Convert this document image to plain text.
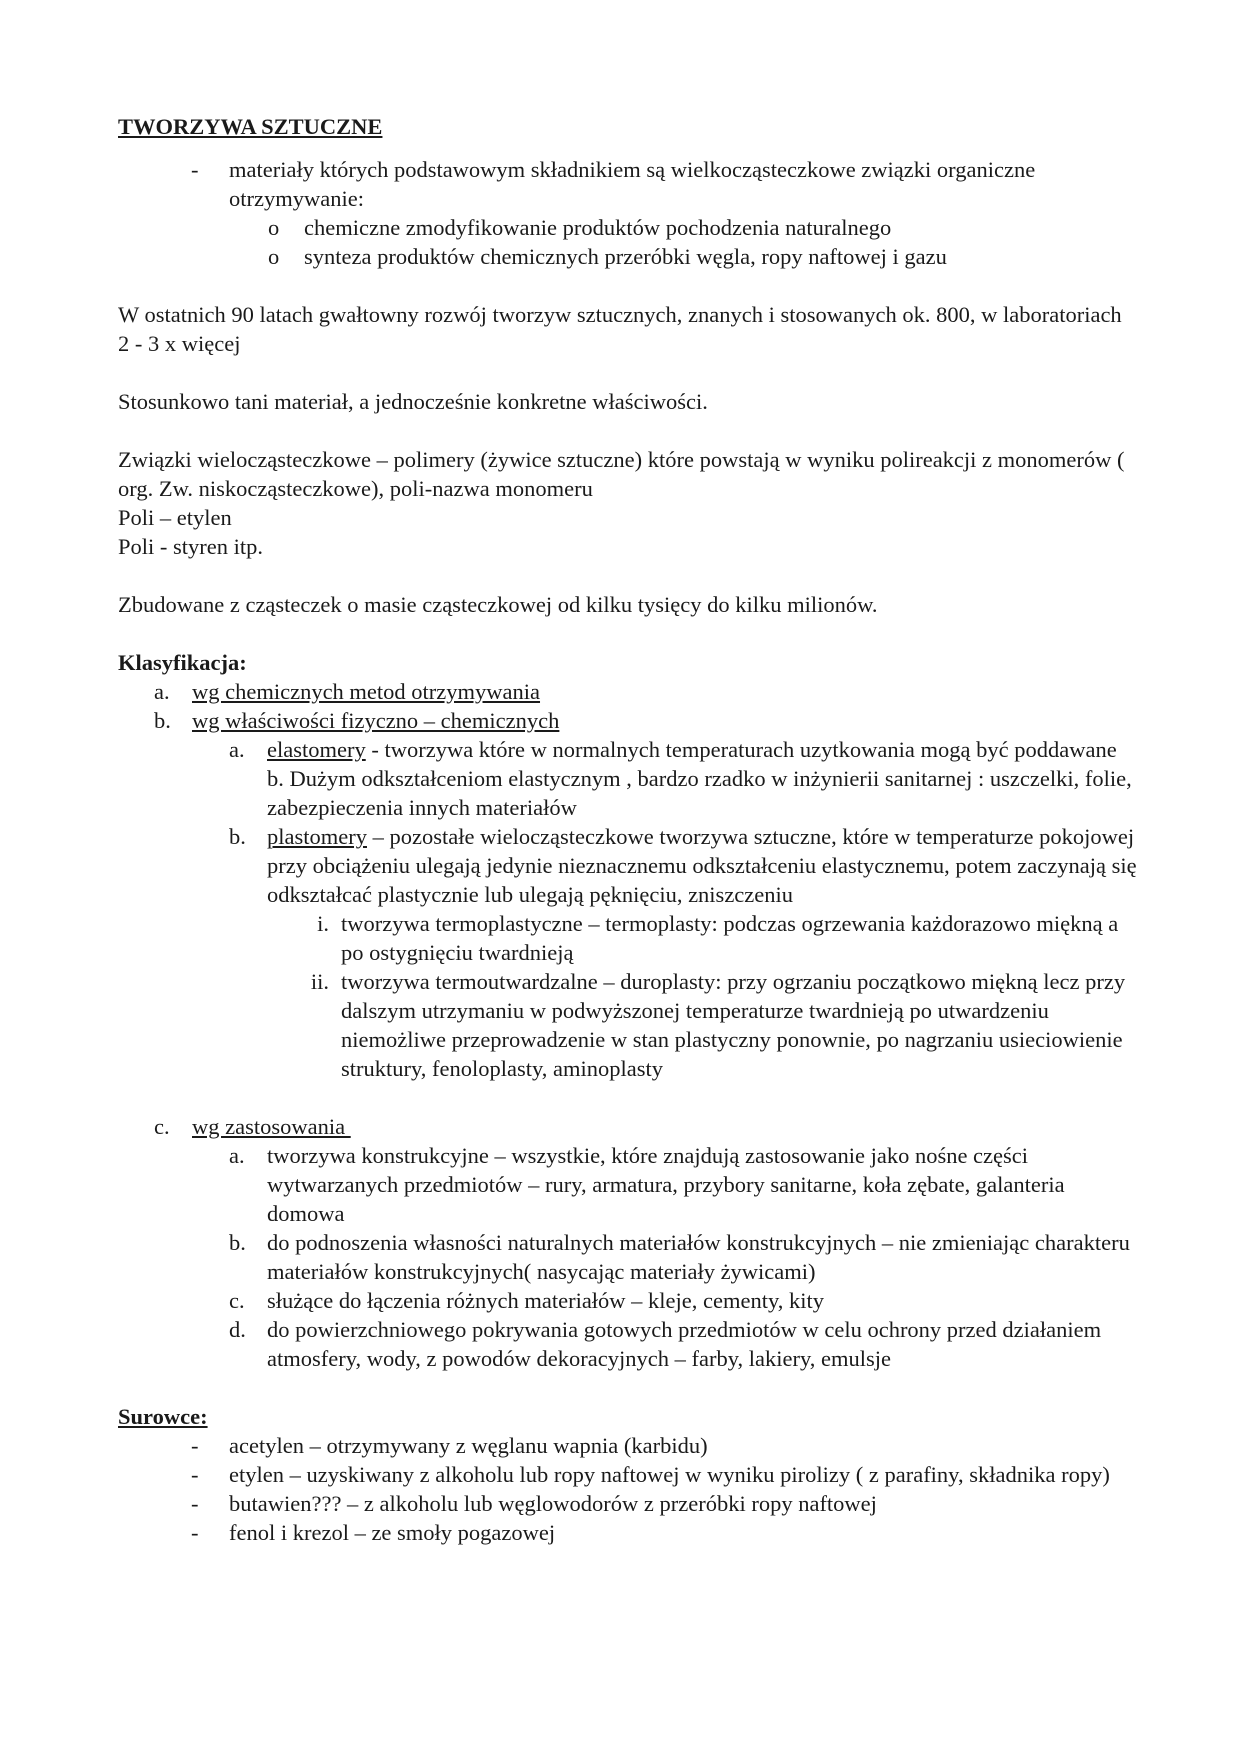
TWORZYWA SZTUCZNE
-	materiały których podstawowym składnikiem są wielkocząsteczkowe związki organiczne otrzymywanie:
o	chemiczne zmodyfikowanie produktów pochodzenia naturalnego
o	synteza produktów chemicznych przeróbki węgla, ropy naftowej i gazu

W ostatnich 90 latach gwałtowny rozwój tworzyw sztucznych, znanych i stosowanych ok. 800, w laboratoriach 2 - 3 x więcej

Stosunkowo tani materiał, a jednocześnie konkretne właściwości.

Związki wielocząsteczkowe – polimery (żywice sztuczne) które powstają w wyniku polireakcji z monomerów ( org. Zw. niskocząsteczkowe), poli-nazwa monomeru

Poli – etylen

Poli - styren itp.

Zbudowane z cząsteczek o masie cząsteczkowej od kilku tysięcy do kilku milionów.

Klasyfikacja:
a. wg chemicznych metod otrzymywania
b. wg właściwości fizyczno – chemicznych
a. elastomery - tworzywa które w normalnych temperaturach uzytkowania mogą być poddawane b. Dużym odkształceniom elastycznym , bardzo rzadko w inżynierii sanitarnej : uszczelki, folie, zabezpieczenia innych materiałów
b. plastomery – pozostałe wielocząsteczkowe tworzywa sztuczne, które w temperaturze pokojowej przy obciążeniu ulegają jedynie nieznacznemu odkształceniu elastycznemu, potem zaczynają się odkształcać plastycznie lub ulegają pęknięciu, zniszczeniu
i. tworzywa termoplastyczne – termoplasty: podczas ogrzewania każdorazowo miękną a po ostygnięciu twardnieją
ii. tworzywa termoutwardzalne – duroplasty: przy ogrzaniu początkowo miękną lecz przy dalszym utrzymaniu w podwyższonej temperaturze twardnieją po utwardzeniu niemożliwe przeprowadzenie w stan plastyczny ponownie, po nagrzaniu usieciowienie struktury, fenoloplasty, aminoplasty
c. wg zastosowania
a. tworzywa konstrukcyjne – wszystkie, które znajdują zastosowanie jako nośne części wytwarzanych przedmiotów – rury, armatura, przybory sanitarne, koła zębate, galanteria domowa
b. do podnoszenia własności naturalnych materiałów konstrukcyjnych – nie zmieniając charakteru materiałów konstrukcyjnych( nasycając materiały żywicami)
c. służące do łączenia różnych materiałów – kleje, cementy, kity
d. do powierzchniowego pokrywania gotowych przedmiotów w celu ochrony przed działaniem atmosfery, wody, z powodów dekoracyjnych – farby, lakiery, emulsje
Surowce:
-	acetylen – otrzymywany z węglanu wapnia (karbidu)
-	etylen – uzyskiwany z alkoholu lub ropy naftowej w wyniku pirolizy ( z parafiny, składnika ropy)
-	butawien??? – z alkoholu lub węglowodorów z przeróbki ropy naftowej
-	fenol i krezol – ze smoły pogazowej
